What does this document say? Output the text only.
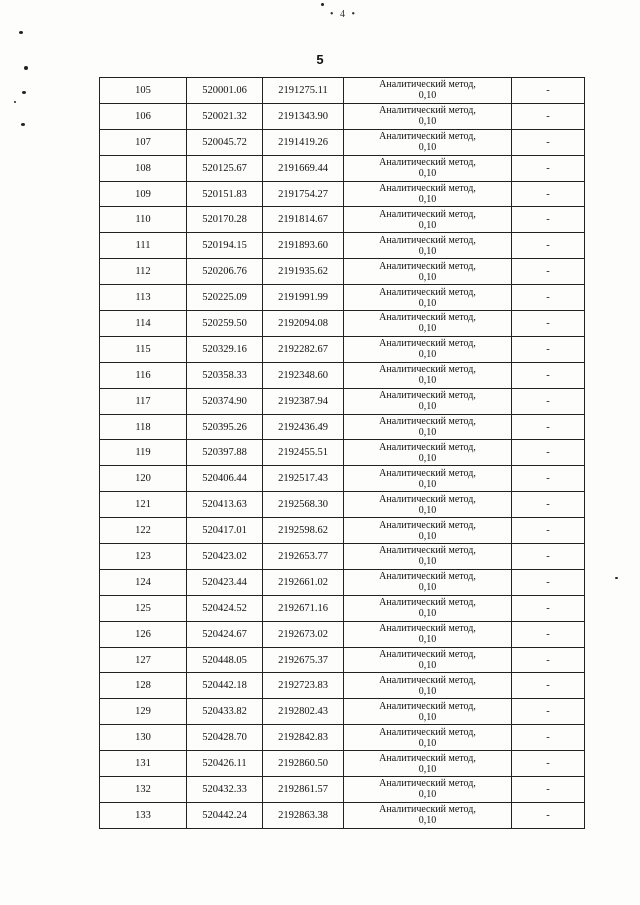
• 4 •
5
105	520001.06	2191275.11	Аналитический метод,
0,10	-
106	520021.32	2191343.90	Аналитический метод,
0,10	-
107	520045.72	2191419.26	Аналитический метод,
0,10	-
108	520125.67	2191669.44	Аналитический метод,
0,10	-
109	520151.83	2191754.27	Аналитический метод,
0,10	-
110	520170.28	2191814.67	Аналитический метод,
0,10	-
111	520194.15	2191893.60	Аналитический метод,
0,10	-
112	520206.76	2191935.62	Аналитический метод,
0,10	-
113	520225.09	2191991.99	Аналитический метод,
0,10	-
114	520259.50	2192094.08	Аналитический метод,
0,10	-
115	520329.16	2192282.67	Аналитический метод,
0,10	-
116	520358.33	2192348.60	Аналитический метод,
0,10	-
117	520374.90	2192387.94	Аналитический метод,
0,10	-
118	520395.26	2192436.49	Аналитический метод,
0,10	-
119	520397.88	2192455.51	Аналитический метод,
0,10	-
120	520406.44	2192517.43	Аналитический метод,
0,10	-
121	520413.63	2192568.30	Аналитический метод,
0,10	-
122	520417.01	2192598.62	Аналитический метод,
0,10	-
123	520423.02	2192653.77	Аналитический метод,
0,10	-
124	520423.44	2192661.02	Аналитический метод,
0,10	-
125	520424.52	2192671.16	Аналитический метод,
0,10	-
126	520424.67	2192673.02	Аналитический метод,
0,10	-
127	520448.05	2192675.37	Аналитический метод,
0,10	-
128	520442.18	2192723.83	Аналитический метод,
0,10	-
129	520433.82	2192802.43	Аналитический метод,
0,10	-
130	520428.70	2192842.83	Аналитический метод,
0,10	-
131	520426.11	2192860.50	Аналитический метод,
0,10	-
132	520432.33	2192861.57	Аналитический метод,
0,10	-
133	520442.24	2192863.38	Аналитический метод,
0,10	-
